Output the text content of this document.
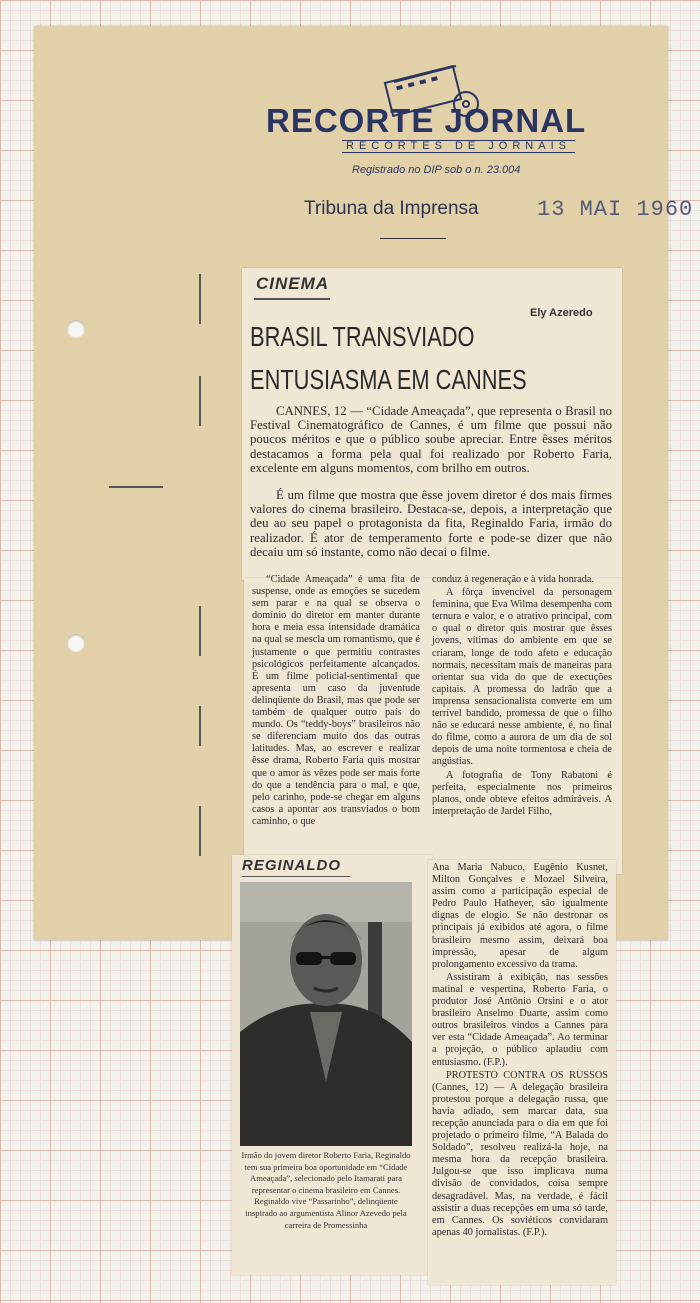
RECORTE JORNAL
RECORTES DE JORNAIS
Registrado no DIP sob o n. 23.004
Tribuna da Imprensa	13 MAI 1960
CINEMA
Ely Azeredo
BRASIL TRANSVIADO
ENTUSIASMA EM CANNES

CANNES, 12 — “Cidade Ameaçada”, que representa o Brasil no Festival Cinematográfico de Cannes, é um filme que possui não poucos méritos e que o público soube apreciar. Entre êsses méritos destacamos a forma pela qual foi realizado por Roberto Faria, excelente em alguns momentos, com brilho em outros.

É um filme que mostra que êsse jovem diretor é dos mais firmes valores do cinema brasileiro. Destaca-se, depois, a interpretação que deu ao seu papel o protagonista da fita, Reginaldo Faria, irmão do realizador. É ator de temperamento forte e pode-se dizer que não decaiu um só instante, como não decai o filme.

“Cidade Ameaçada” é uma fita de suspense, onde as emoções se sucedem sem parar e na qual se observa o domínio do diretor em manter durante hora e meia essa intensidade dramática na qual se mescla um romantismo, que é justamente o que permitiu contrastes psicológicos perfeitamente alcançados. É um filme policial-sentimental que apresenta um caso da juventude delinqüente do Brasil, mas que pode ser também de qualquer outro país do mundo. Os “teddy-boys” brasileiros não se diferenciam muito dos das outras latitudes. Mas, ao escrever e realizar êsse drama, Roberto Faria quis mostrar que o amor às vêzes pode ser mais forte do que a tendência para o mal, e que, pelo carinho, pode-se chegar em alguns casos a apontar aos transviados o bom caminho, o que

conduz à regeneração e à vida honrada.

A fôrça invencível da personagem feminina, que Eva Wilma desempenha com ternura e valor, e o atrativo principal, com o qual o diretor quis mostrar que êsses jovens, vítimas do ambiente em que se criaram, longe de todo afeto e educação normais, necessitam mais de maneiras para orientar sua vida do que de execuções capitais. A promessa do ladrão que a imprensa sensacionalista converte em um terrível bandido, promessa de que o filho não se educará nesse ambiente, é, no final do filme, como a aurora de um dia de sol depois de uma noite tormentosa e cheia de angústias.

A fotografia de Tony Rabatoni é perfeita, especialmente nos primeiros planos, onde obteve efeitos admiráveis. A interpretação de Jardel Filho,

REGINALDO
Irmão do jovem diretor Roberto Faria, Reginaldo tem sua primeira boa oportunidade em “Cidade Ameaçada”, selecionado pelo Itamarati para representar o cinema brasileiro em Cannes. Reginaldo vive “Passarinho”, delinqüente inspirado ao argumentista Alinor Azevedo pela carreira de Promessinha

Ana Maria Nabuco, Eugênio Kusnet, Milton Gonçalves e Mozael Silveira, assim como a participação especial de Pedro Paulo Hatheyer, são igualmente dignas de elogio. Se não destronar os principais já exibidos até agora, o filme brasileiro mesmo assim, deixará boa impressão, apesar de algum prolongamento excessivo da trama.

Assistiram à exibição, nas sessões matinal e vespertina, Roberto Faria, o produtor José Antônio Orsini e o ator brasileiro Anselmo Duarte, assim como outros brasileiros vindos a Cannes para ver esta “Cidade Ameaçada”. Ao terminar a projeção, o público aplaudiu com entusiasmo. (F.P.).

PROTESTO CONTRA OS RUSSOS (Cannes, 12) — A delegação brasileira protestou porque a delegação russa, que havia adiado, sem marcar data, sua recepção anunciada para o dia em que foi projetado o primeiro filme, “A Balada do Soldado”, resolveu realizá-la hoje, na mesma hora da recepção brasileira. Julgou-se que isso implicava numa divisão de convidados, coisa sempre desagradável. Mas, na verdade, é fácil assistir a duas recepções em uma só tarde, em Cannes. Os soviéticos convidaram apenas 40 jornalistas. (F.P.).
